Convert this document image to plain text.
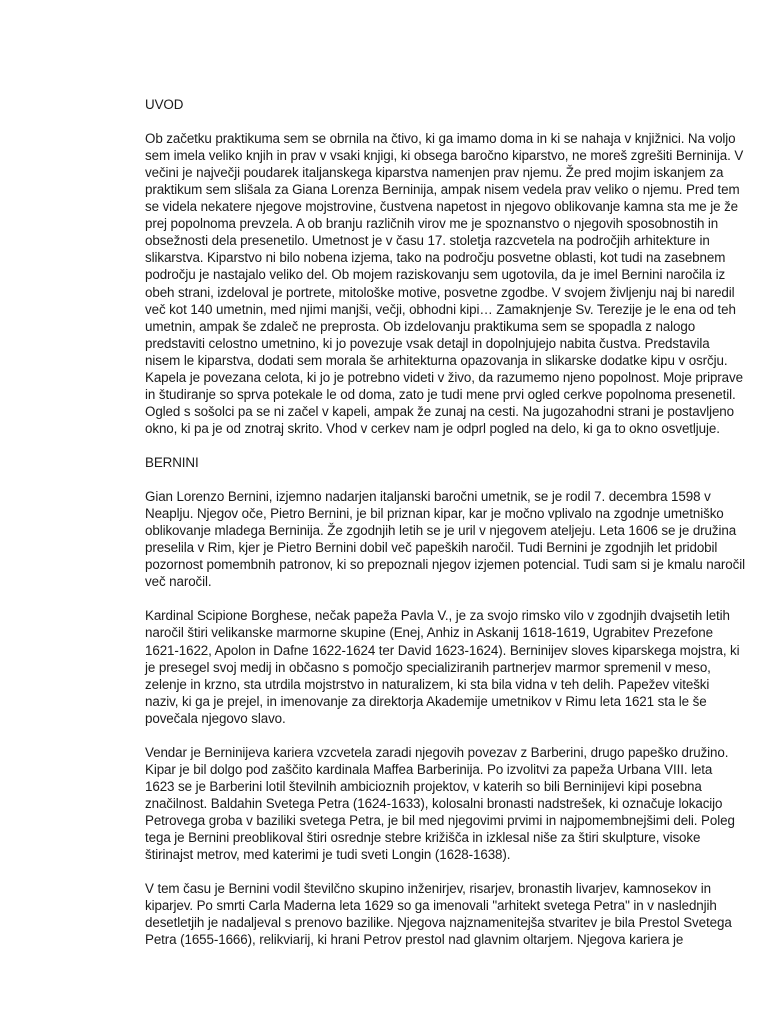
UVOD

Ob začetku praktikuma sem se obrnila na čtivo, ki ga imamo doma in ki se nahaja v knjižnici. Na voljo sem imela veliko knjih in prav v vsaki knjigi, ki obsega baročno kiparstvo, ne moreš zgrešiti Berninija. V večini je največji poudarek italjanskega kiparstva namenjen prav njemu. Že pred mojim iskanjem za praktikum sem slišala za Giana Lorenza Berninija, ampak nisem vedela prav veliko o njemu. Pred tem se videla nekatere njegove mojstrovine, čustvena napetost in njegovo oblikovanje kamna sta me je že prej popolnoma prevzela. A ob branju različnih virov me je spoznanstvo o njegovih sposobnostih in obsežnosti dela presenetilo. Umetnost je v času 17. stoletja razcvetela na področjih arhitekture in slikarstva. Kiparstvo ni bilo nobena izjema, tako na področju posvetne oblasti, kot tudi na zasebnem področju je nastajalo veliko del. Ob mojem raziskovanju sem ugotovila, da je imel Bernini naročila iz obeh strani, izdeloval je portrete, mitološke motive, posvetne zgodbe. V svojem življenju naj bi naredil več kot 140 umetnin, med njimi manjši, večji, obhodni kipi… Zamaknjenje Sv. Terezije je le ena od teh umetnin, ampak še zdaleč ne preprosta. Ob izdelovanju praktikuma sem se spopadla z nalogo predstaviti celostno umetnino, ki jo povezuje vsak detajl in dopolnjujejo nabita čustva. Predstavila nisem le kiparstva, dodati sem morala še arhitekturna opazovanja in slikarske dodatke kipu v osrčju. Kapela je povezana celota, ki jo je potrebno videti v živo, da razumemo njeno popolnost. Moje priprave in študiranje so sprva potekale le od doma, zato je tudi mene prvi ogled cerkve popolnoma presenetil. Ogled s sošolci pa se ni začel v kapeli, ampak že zunaj na cesti. Na jugozahodni strani je postavljeno okno, ki pa je od znotraj skrito. Vhod v cerkev nam je odprl pogled na delo, ki ga to okno osvetljuje.

BERNINI

Gian Lorenzo Bernini, izjemno nadarjen italjanski baročni umetnik, se je rodil 7. decembra 1598 v Neaplju. Njegov oče, Pietro Bernini, je bil priznan kipar, kar je močno vplivalo na zgodnje umetniško oblikovanje mladega Berninija. Že zgodnjih letih se je uril v njegovem ateljeju. Leta 1606 se je družina preselila v Rim, kjer je Pietro Bernini dobil več papeških naročil. Tudi Bernini je zgodnjih let pridobil pozornost pomembnih patronov, ki so prepoznali njegov izjemen potencial. Tudi sam si je kmalu naročil več naročil.

Kardinal Scipione Borghese, nečak papeža Pavla V., je za svojo rimsko vilo v zgodnjih dvajsetih letih naročil štiri velikanske marmorne skupine (Enej, Anhiz in Askanij 1618-1619, Ugrabitev Prezefone 1621-1622, Apolon in Dafne 1622-1624 ter David 1623-1624). Berninijev sloves kiparskega mojstra, ki je presegel svoj medij in občasno s pomočjo specializiranih partnerjev marmor spremenil v meso, zelenje in krzno, sta utrdila mojstrstvo in naturalizem, ki sta bila vidna v teh delih. Papežev viteški naziv, ki ga je prejel, in imenovanje za direktorja Akademije umetnikov v Rimu leta 1621 sta le še povečala njegovo slavo.

Vendar je Berninijeva kariera vzcvetela zaradi njegovih povezav z Barberini, drugo papeško družino. Kipar je bil dolgo pod zaščito kardinala Maffea Barberinija. Po izvolitvi za papeža Urbana VIII. leta 1623 se je Barberini lotil številnih ambicioznih projektov, v katerih so bili Berninijevi kipi posebna značilnost. Baldahin Svetega Petra (1624-1633), kolosalni bronasti nadstrešek, ki označuje lokacijo Petrovega groba v baziliki svetega Petra, je bil med njegovimi prvimi in najpomembnejšimi deli. Poleg tega je Bernini preoblikoval štiri osrednje stebre križišča in izklesal niše za štiri skulpture, visoke štirinajst metrov, med katerimi je tudi sveti Longin (1628-1638).

V tem času je Bernini vodil številčno skupino inženirjev, risarjev, bronastih livarjev, kamnosekov in kiparjev. Po smrti Carla Maderna leta 1629 so ga imenovali "arhitekt svetega Petra" in v naslednjih desetletjih je nadaljeval s prenovo bazilike. Njegova najznamenitejša stvaritev je bila Prestol Svetega Petra (1655-1666), relikviarij, ki hrani Petrov prestol nad glavnim oltarjem. Njegova kariera je
